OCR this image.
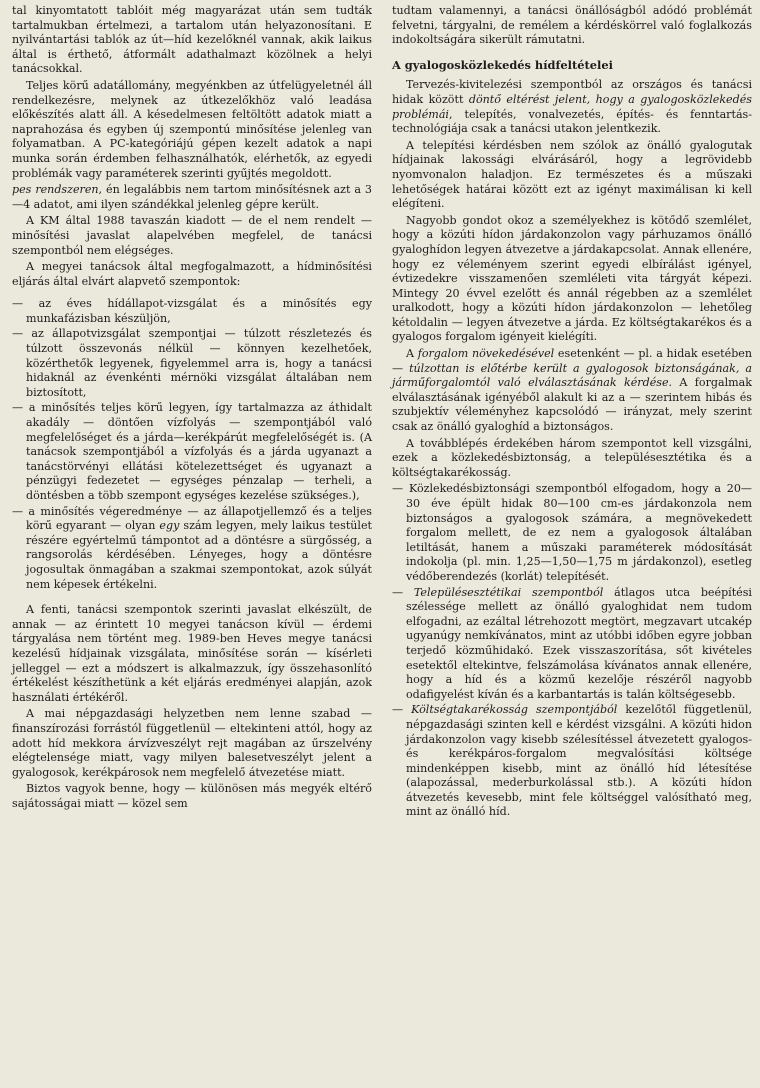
tal kinyomtatott tablóit még magyarázat után sem tudták tartalmukban értelmezi, a tartalom után helyazonosítani. E nyilvántartási tablók az út—híd kezelőknél vannak, akik laikus által is érthető, átformált adathalmazt közölnek a helyi tanácsokkal.

Teljes körű adatállomány, megyénkben az útfelügyeletnél áll rendelkezésre, melynek az útkezelőkhöz való leadása előkészítés alatt áll. A késedelmesen feltöltött adatok miatt a naprahozása és egyben új szempontú minősítése jelenleg van folyamatban. A PC-kategóriájú gépen kezelt adatok a napi munka során érdemben felhasználhatók, elérhetők, az egyedi problémák vagy paraméterek szerinti gyűjtés megoldott.

pes rendszeren, én legalábbis nem tartom minősítésnek azt a 3—4 adatot, ami ilyen szándékkal jelenleg gépre került.

A KM által 1988 tavaszán kiadott — de el nem rendelt — minősítési javaslat alapelvében megfelel, de tanácsi szempontból nem elégséges.

A megyei tanácsok által megfogalmazott, a hídminősítési eljárás által elvárt alapvető szempontok:

— az éves hídállapot-vizsgálat és a minősítés egy munkafázisban készüljön,
— az állapotvizsgálat szempontjai — túlzott részletezés és túlzott összevonás nélkül — könnyen kezelhetőek, közérthetők legyenek, figyelemmel arra is, hogy a tanácsi hidaknál az évenkénti mérnöki vizsgálat általában nem biztosított,
— a minősítés teljes körű legyen, így tartalmazza az áthidalt akadály — döntően vízfolyás — szempontjából való megfelelőséget és a járda—kerékpárút megfelelőségét is. (A tanácsok szempontjából a vízfolyás és a járda ugyanazt a tanácstörvényi ellátási kötelezettséget és ugyanazt a pénzügyi fedezetet — egységes pénzalap — terheli, a döntésben a több szempont egységes kezelése szükséges.),
— a minősítés végeredménye — az állapotjellemző és a teljes körű egyarant — olyan egy szám legyen, mely laikus testület részére egyértelmű támpontot ad a döntésre a sürgősség, a rangsorolás kérdésében. Lényeges, hogy a döntésre jogosultak önmagában a szakmai szempontokat, azok súlyát nem képesek értékelni.

A fenti, tanácsi szempontok szerinti javaslat elkészült, de annak — az érintett 10 megyei tanácson kívül — érdemi tárgyalása nem történt meg. 1989-ben Heves megye tanácsi kezelésű hídjainak vizsgálata, minősítése során — kísérleti jelleggel — ezt a módszert is alkalmazzuk, így összehasonlító értékelést készíthetünk a két eljárás eredményei alapján, azok használati értékéről.

A mai népgazdasági helyzetben nem lenne szabad — finanszírozási forrástól függetlenül — eltekinteni attól, hogy az adott híd mekkora árvízveszélyt rejt magában az űrszelvény elégtelensége miatt, vagy milyen balesetveszélyt jelent a gyalogosok, kerékpárosok nem megfelelő átvezetése miatt.

Biztos vagyok benne, hogy — különösen más megyék eltérő sajátosságai miatt — közel sem

tudtam valamennyi, a tanácsi önállóságból adódó problémát felvetni, tárgyalni, de remélem a kérdéskörrel való foglalkozás indokoltságára sikerült rámutatni.

A gyalogosközlekedés hídfeltételei

Tervezés-kivitelezési szempontból az országos és tanácsi hidak között döntő eltérést jelent, hogy a gyalogosközlekedés problémái, telepítés, vonalvezetés, építés- és fenntartás-technológiája csak a tanácsi utakon jelentkezik.

A telepítési kérdésben nem szólok az önálló gyalogutak hídjainak lakossági elvárásáról, hogy a legrövidebb nyomvonalon haladjon. Ez természetes és a műszaki lehetőségek határai között ezt az igényt maximálisan ki kell elégíteni.

Nagyobb gondot okoz a személyekhez is kötődő szemlélet, hogy a közúti hídon járdakonzolon vagy párhuzamos önálló gyaloghídon legyen átvezetve a járdakapcsolat. Annak ellenére, hogy ez véleményem szerint egyedi elbírálást igényel, évtizedekre visszamenően szemléleti vita tárgyát képezi. Mintegy 20 évvel ezelőtt és annál régebben az a szemlélet uralkodott, hogy a közúti hídon járdakonzolon — lehetőleg kétoldalin — legyen átvezetve a járda. Ez költségtakarékos és a gyalogos forgalom igényeit kielégíti.

A forgalom növekedésével esetenként — pl. a hidak esetében — túlzottan is előtérbe került a gyalogosok biztonságának, a járműforgalomtól való elválasztásának kérdése. A forgalmak elválasztásának igényéből alakult ki az a — szerintem hibás és szubjektív véleményhez kapcsolódó — irányzat, mely szerint csak az önálló gyaloghíd a biztonságos.

A továbblépés érdekében három szempontot kell vizsgálni, ezek a közlekedésbiztonság, a településesztétika és a költségtakarékosság.

— Közlekedésbiztonsági szempontból elfogadom, hogy a 20—30 éve épült hidak 80—100 cm-es járdakonzola nem biztonságos a gyalogosok számára, a megnövekedett forgalom mellett, de ez nem a gyalogosok általában letiltását, hanem a műszaki paraméterek módosítását indokolja (pl. min. 1,25—1,50—1,75 m járdakonzol), esetleg védőberendezés (korlát) telepítését.
— Településesztétikai szempontból átlagos utca beépítési szélessége mellett az önálló gyaloghidat nem tudom elfogadni, az ezáltal létrehozott megtört, megzavart utcakép ugyanúgy nemkívánatos, mint az utóbbi időben egyre jobban terjedő közműhidakó. Ezek visszaszorítása, sőt kivételes esetektől eltekintve, felszámolása kívánatos annak ellenére, hogy a híd és a közmű kezelője részéről nagyobb odafigyelést kíván és a karbantartás is talán költségesebb.
— Költségtakarékosság szempontjából kezelőtől függetlenül, népgazdasági szinten kell e kérdést vizsgálni. A közúti hidon járdakonzolon vagy kisebb szélesítéssel átvezetett gyalogos- és kerékpáros-forgalom megvalósítási költsége mindenképpen kisebb, mint az önálló híd létesítése (alapozással, mederburkolással stb.). A közúti hídon átvezetés kevesebb, mint fele költséggel valósítható meg, mint az önálló híd.
